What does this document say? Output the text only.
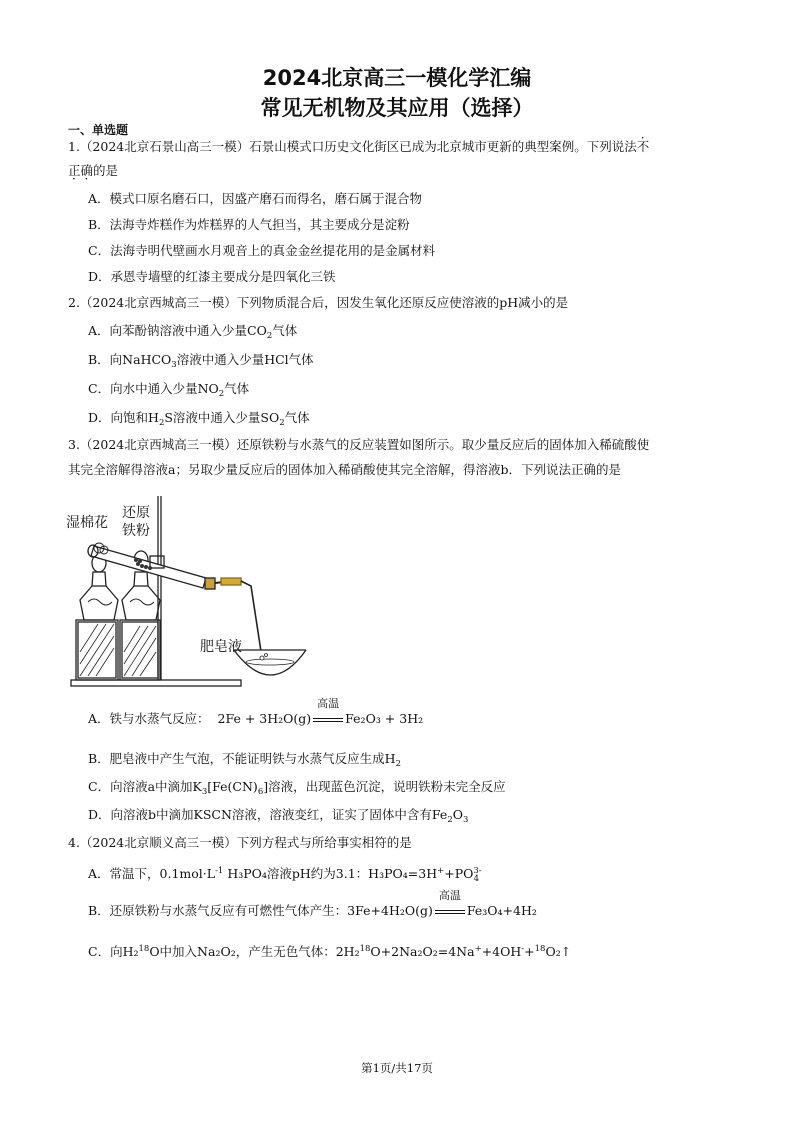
2024北京高三一模化学汇编
常见无机物及其应用（选择）
一、单选题
1.（2024北京石景山高三一模）石景山模式口历史文化街区已成为北京城市更新的典型案例。下列说法不
正确的是
A．模式口原名磨石口，因盛产磨石而得名，磨石属于混合物
B．法海寺炸糕作为炸糕界的人气担当，其主要成分是淀粉
C．法海寺明代壁画水月观音上的真金金丝提花用的是金属材料
D．承恩寺墙壁的红漆主要成分是四氧化三铁
2.（2024北京西城高三一模）下列物质混合后，因发生氧化还原反应使溶液的pH减小的是
A．向苯酚钠溶液中通入少量$CO_2$气体
B．向NaHCO$_3$溶液中通入少量HCl气体
C．向水中通入少量$NO_2$气体
D．向饱和$H_2S$溶液中通入少量$SO_2$气体
3.（2024北京西城高三一模）还原铁粉与水蒸气的反应装置如图所示。取少量反应后的固体加入稀硫酸使
其完全溶解得溶液a；另取少量反应后的固体加入稀硝酸使其完全溶解，得溶液b．下列说法正确的是
湿棉花
还原
铁粉
肥皂液
A．铁与水蒸气反应： 2Fe + 3H₂O(g)
高温
Fe₂O₃ + 3H₂
B．肥皂液中产生气泡，不能证明铁与水蒸气反应生成$H_2$
C．向溶液a中滴加$K_3[Fe(CN)_6]$溶液，出现蓝色沉淀，说明铁粉未完全反应
D．向溶液b中滴加KSCN溶液，溶液变红，证实了固体中含有$Fe_2O_3$
4.（2024北京顺义高三一模）下列方程式与所给事实相符的是
A．常温下，$0.1mol\cdot L^{-1}$ H₃PO₄溶液pH约为3.1：$H_3PO_4=3H^++PO^{3-}_4$
B．还原铁粉与水蒸气反应有可燃性气体产生：3Fe+4H₂O(g)
高温
Fe₃O₄+4H₂
C．向H₂$^{18}$O中加入Na₂O₂，产生无色气体：2H₂$^{18}$O+2Na₂O₂=4Na++4OH-+$^{18}$O₂↑
第1页/共17页
